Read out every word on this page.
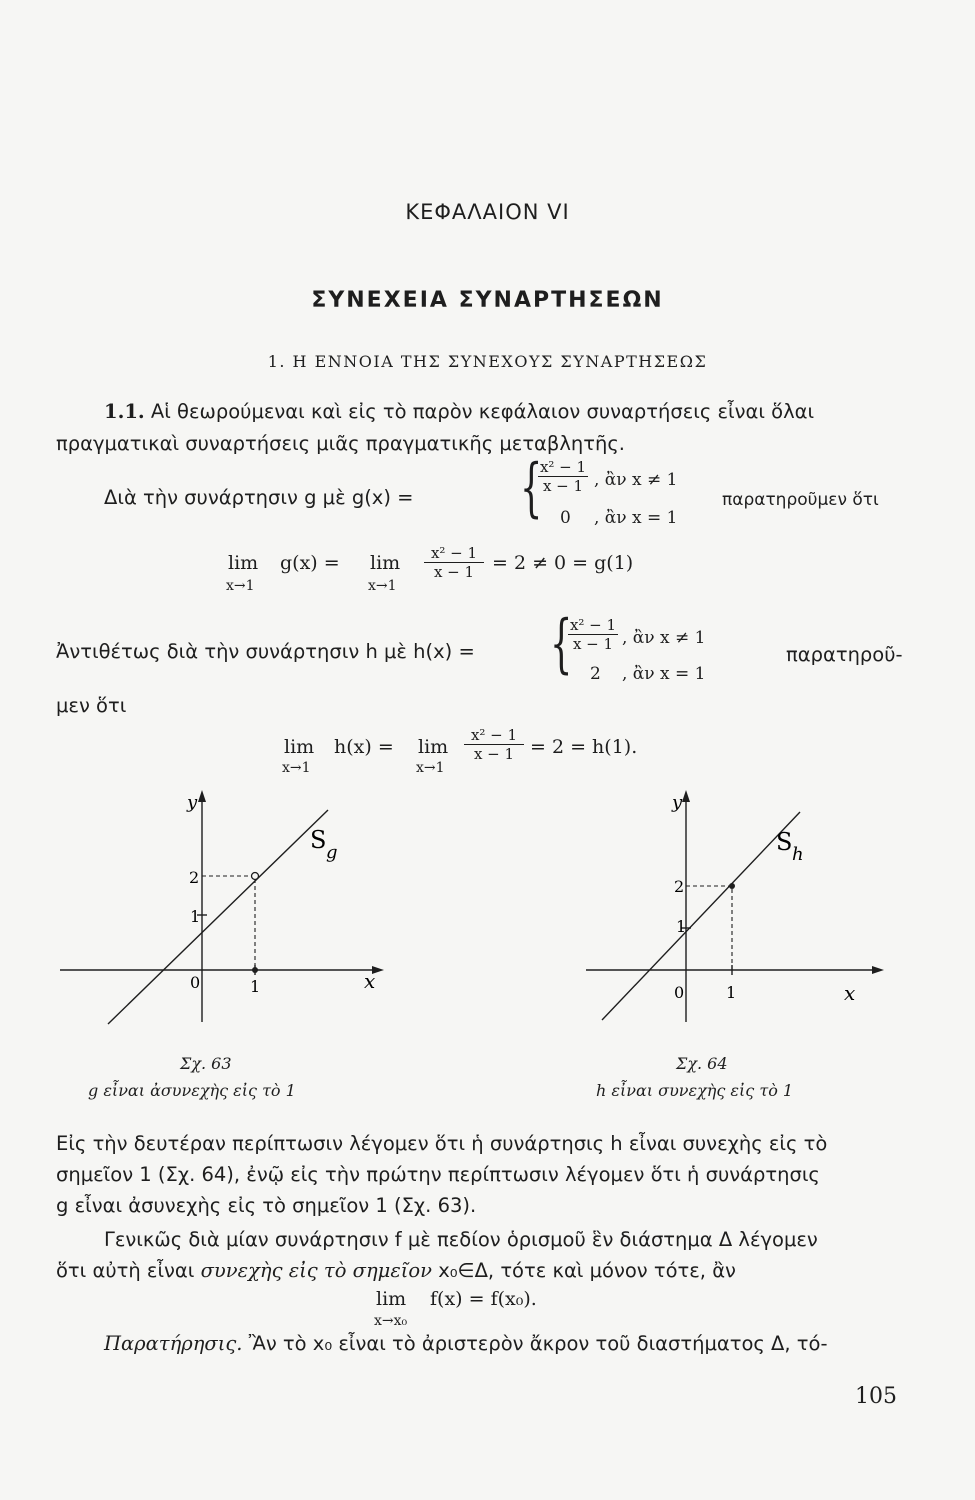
ΚΕΦΑΛΑΙΟΝ VI
ΣΥΝΕΧΕΙΑ ΣΥΝΑΡΤΗΣΕΩΝ
1. Η ΕΝΝΟΙΑ ΤΗΣ ΣΥΝΕΧΟΥΣ ΣΥΝΑΡΤΗΣΕΩΣ
1.1. Αἱ θεωρούμεναι καὶ εἰς τὸ παρὸν κεφάλαιον συναρτήσεις εἶναι ὅλαι
πραγματικαὶ συναρτήσεις μιᾶς πραγματικῆς μεταβλητῆς.
Διὰ τὴν συνάρτησιν g μὲ g(x) = {
x² − 1
x − 1 , ἂν x ≠ 1
0 , ἂν x = 1
παρατηροῦμεν ὅτι
lim
x→1
g(x) = lim
x→1
x² − 1
x − 1 = 2 ≠ 0 = g(1)
Ἀντιθέτως διὰ τὴν συνάρτησιν h μὲ h(x) = {
x² − 1
x − 1 , ἂν x ≠ 1
2 , ἂν x = 1
παρατηροῦ-
μεν ὅτι
lim
x→1
h(x) = lim
x→1
x² − 1
x − 1 = 2 = h(1).
y
x
0	1
1
2
S g
Σχ. 63
g εἶναι ἀσυνεχὴς εἰς τὸ 1
y
x
0	1
1
2
S h
Σχ. 64
h εἶναι συνεχὴς εἰς τὸ 1
Εἰς τὴν δευτέραν περίπτωσιν λέγομεν ὅτι ἡ συνάρτησις h εἶναι συνεχὴς εἰς τὸ
σημεῖον 1 (Σχ. 64), ἐνῷ εἰς τὴν πρώτην περίπτωσιν λέγομεν ὅτι ἡ συνάρτησις
g εἶναι ἀσυνεχὴς εἰς τὸ σημεῖον 1 (Σχ. 63).
Γενικῶς διὰ μίαν συνάρτησιν f μὲ πεδίον ὁρισμοῦ ἓν διάστημα Δ λέγομεν
ὅτι αὐτὴ εἶναι συνεχὴς εἰς τὸ σημεῖον x₀∈Δ, τότε καὶ μόνον τότε, ἂν
lim
x→x₀
f(x) = f(x₀).
Παρατήρησις. Ἂν τὸ x₀ εἶναι τὸ ἀριστερὸν ἄκρον τοῦ διαστήματος Δ, τό-
105
